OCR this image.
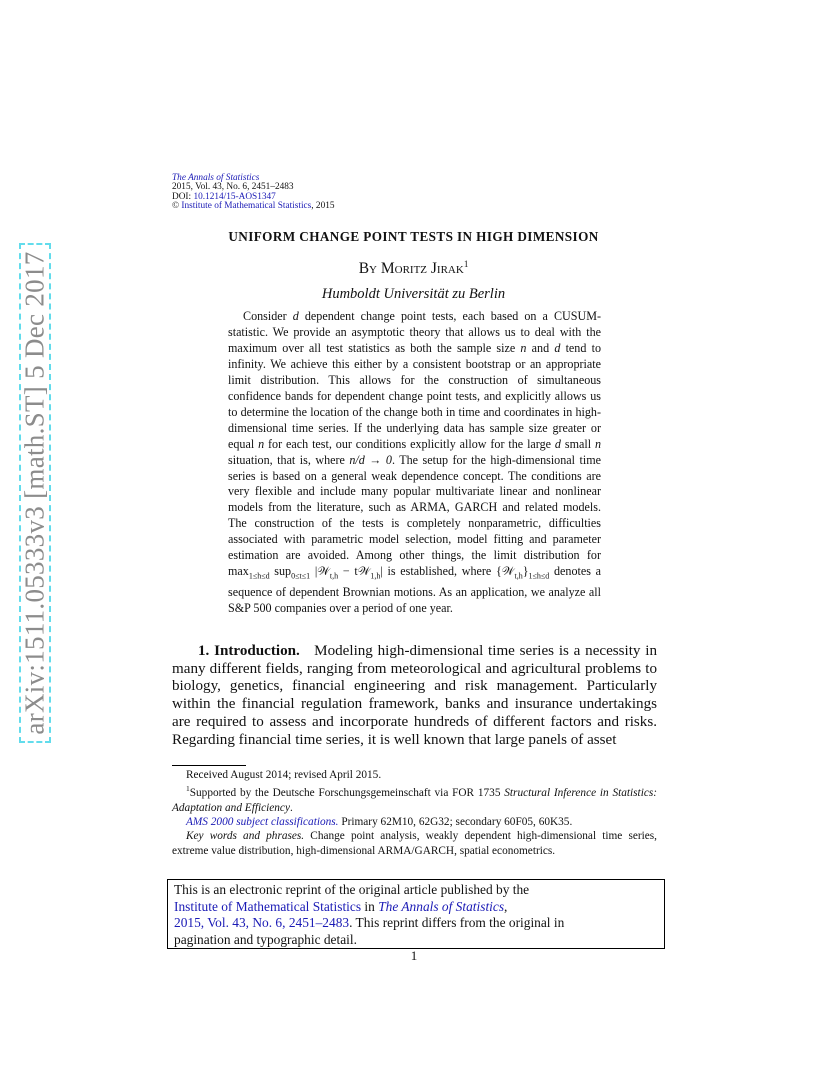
arXiv:1511.05333v3 [math.ST] 5 Dec 2017
The Annals of Statistics
2015, Vol. 43, No. 6, 2451–2483
DOI: 10.1214/15-AOS1347
© Institute of Mathematical Statistics, 2015
UNIFORM CHANGE POINT TESTS IN HIGH DIMENSION
By Moritz Jirak$^1$
Humboldt Universität zu Berlin
Consider d dependent change point tests, each based on a CUSUM-statistic. We provide an asymptotic theory that allows us to deal with the maximum over all test statistics as both the sample size n and d tend to infinity. We achieve this either by a consistent bootstrap or an appropriate limit distribution. This allows for the construction of simultaneous confidence bands for dependent change point tests, and explicitly allows us to determine the location of the change both in time and coordinates in high-dimensional time series. If the underlying data has sample size greater or equal n for each test, our conditions explicitly allow for the large d small n situation, that is, where n/d → 0. The setup for the high-dimensional time series is based on a general weak dependence concept. The conditions are very flexible and include many popular multivariate linear and nonlinear models from the literature, such as ARMA, GARCH and related models. The construction of the tests is completely nonparametric, difficulties associated with parametric model selection, model fitting and parameter estimation are avoided. Among other things, the limit distribution for $\max_{1\le h\le d} sup_{0\le t\le 1}$ |𝒲$_{t,h}$ − t𝒲$_{1,h}$| is established, where $\{𝒲_{t,h}\}_{1\le h\le d}$ denotes a sequence of dependent Brownian motions. As an application, we analyze all S&P 500 companies over a period of one year.
1. Introduction. Modeling high-dimensional time series is a necessity in many different fields, ranging from meteorological and agricultural problems to biology, genetics, financial engineering and risk management. Particularly within the financial regulation framework, banks and insurance undertakings are required to assess and incorporate hundreds of different factors and risks. Regarding financial time series, it is well known that large panels of asset
Received August 2014; revised April 2015.
$^1$Supported by the Deutsche Forschungsgemeinschaft via FOR 1735 Structural Inference in Statistics: Adaptation and Efficiency.
AMS 2000 subject classifications. Primary 62M10, 62G32; secondary 60F05, 60K35.
Key words and phrases. Change point analysis, weakly dependent high-dimensional time series, extreme value distribution, high-dimensional ARMA/GARCH, spatial econometrics.
This is an electronic reprint of the original article published by the
Institute of Mathematical Statistics in The Annals of Statistics,
2015, Vol. 43, No. 6, 2451–2483. This reprint differs from the original in
pagination and typographic detail.
1
